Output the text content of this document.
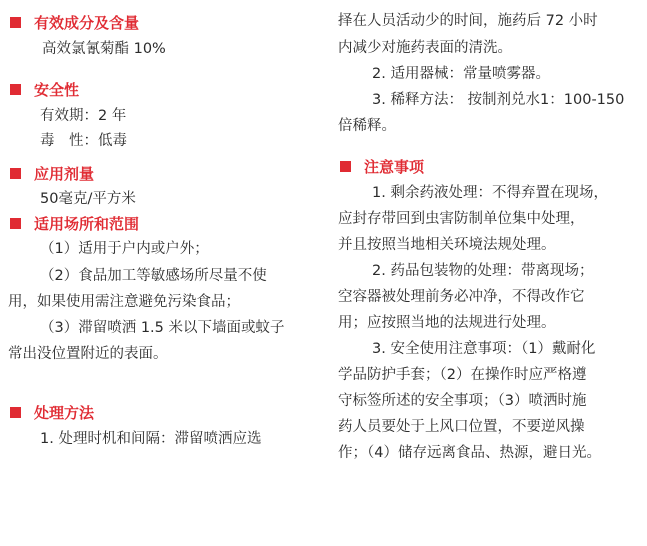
有效成分及含量
高效氯氰菊酯 10%
安全性
有效期：2 年
毒　性：低毒
应用剂量
50毫克/平方米
适用场所和范围
（1）适用于户内或户外；
（2）食品加工等敏感场所尽量不使
用，如果使用需注意避免污染食品；
（3）滞留喷洒 1.5 米以下墙面或蚊子
常出没位置附近的表面。
处理方法
1. 处理时机和间隔：滞留喷洒应选
择在人员活动少的时间，施药后 72 小时
内减少对施药表面的清洗。
2. 适用器械：常量喷雾器。
3. 稀释方法： 按制剂兑水1：100-150
倍稀释。
注意事项
1. 剩余药液处理：不得弃置在现场，
应封存带回到虫害防制单位集中处理，
并且按照当地相关环境法规处理。
2. 药品包装物的处理：带离现场；
空容器被处理前务必冲净，不得改作它
用；应按照当地的法规进行处理。
3. 安全使用注意事项：（1）戴耐化
学品防护手套；（2）在操作时应严格遵
守标签所述的安全事项；（3）喷洒时施
药人员要处于上风口位置，不要逆风操
作；（4）储存远离食品、热源，避日光。
